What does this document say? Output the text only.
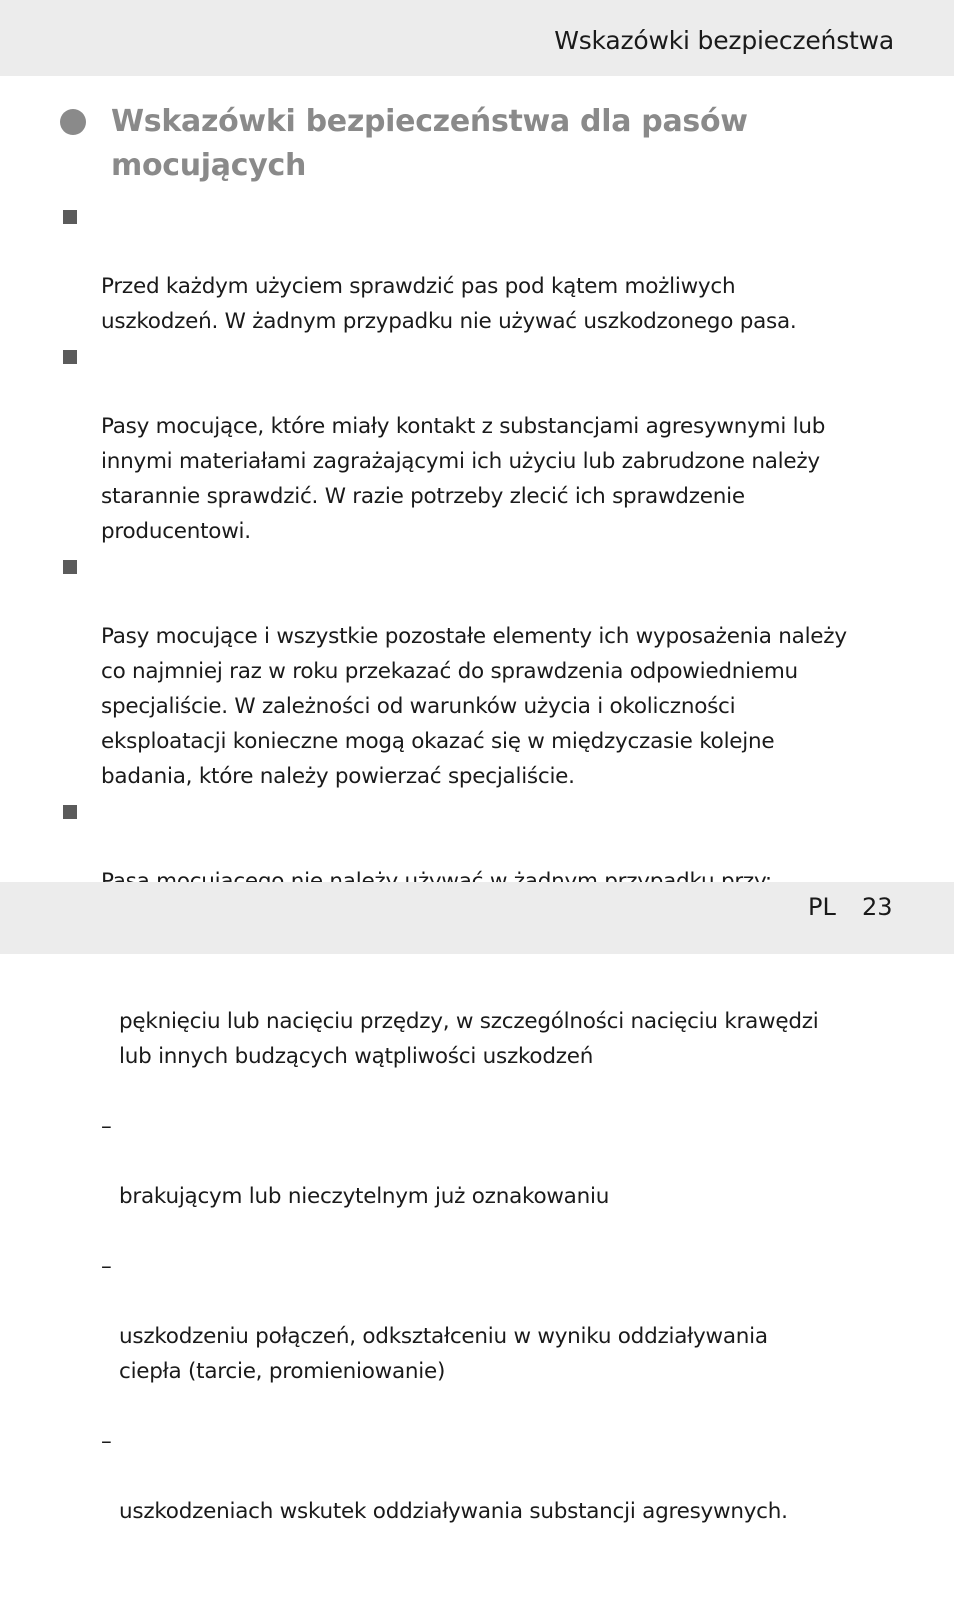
Wskazówki bezpieczeństwa
Wskazówki bezpieczeństwa dla pasów
mocujących

Przed każdym użyciem sprawdzić pas pod kątem możliwych
uszkodzeń. W żadnym przypadku nie używać uszkodzonego pasa.

Pasy mocujące, które miały kontakt z substancjami agresywnymi lub
innymi materiałami zagrażającymi ich użyciu lub zabrudzone należy
starannie sprawdzić. W razie potrzeby zlecić ich sprawdzenie
producentowi.

Pasy mocujące i wszystkie pozostałe elementy ich wyposażenia należy
co najmniej raz w roku przekazać do sprawdzenia odpowiedniemu
specjaliście. W zależności od warunków użycia i okoliczności
eksploatacji konieczne mogą okazać się w międzyczasie kolejne
badania, które należy powierzać specjaliście.

pęknięciu lub nacięciu przędzy, w szczególności nacięciu krawędzi
lub innych budzących wątpliwości uszkodzeń

–

brakującym lub nieczytelnym już oznakowaniu

–

uszkodzeniu połączeń, odkształceniu w wyniku oddziaływania
ciepła (tarcie, promieniowanie)

–

uszkodzeniach wskutek oddziaływania substancji agresywnych.

PL 23
